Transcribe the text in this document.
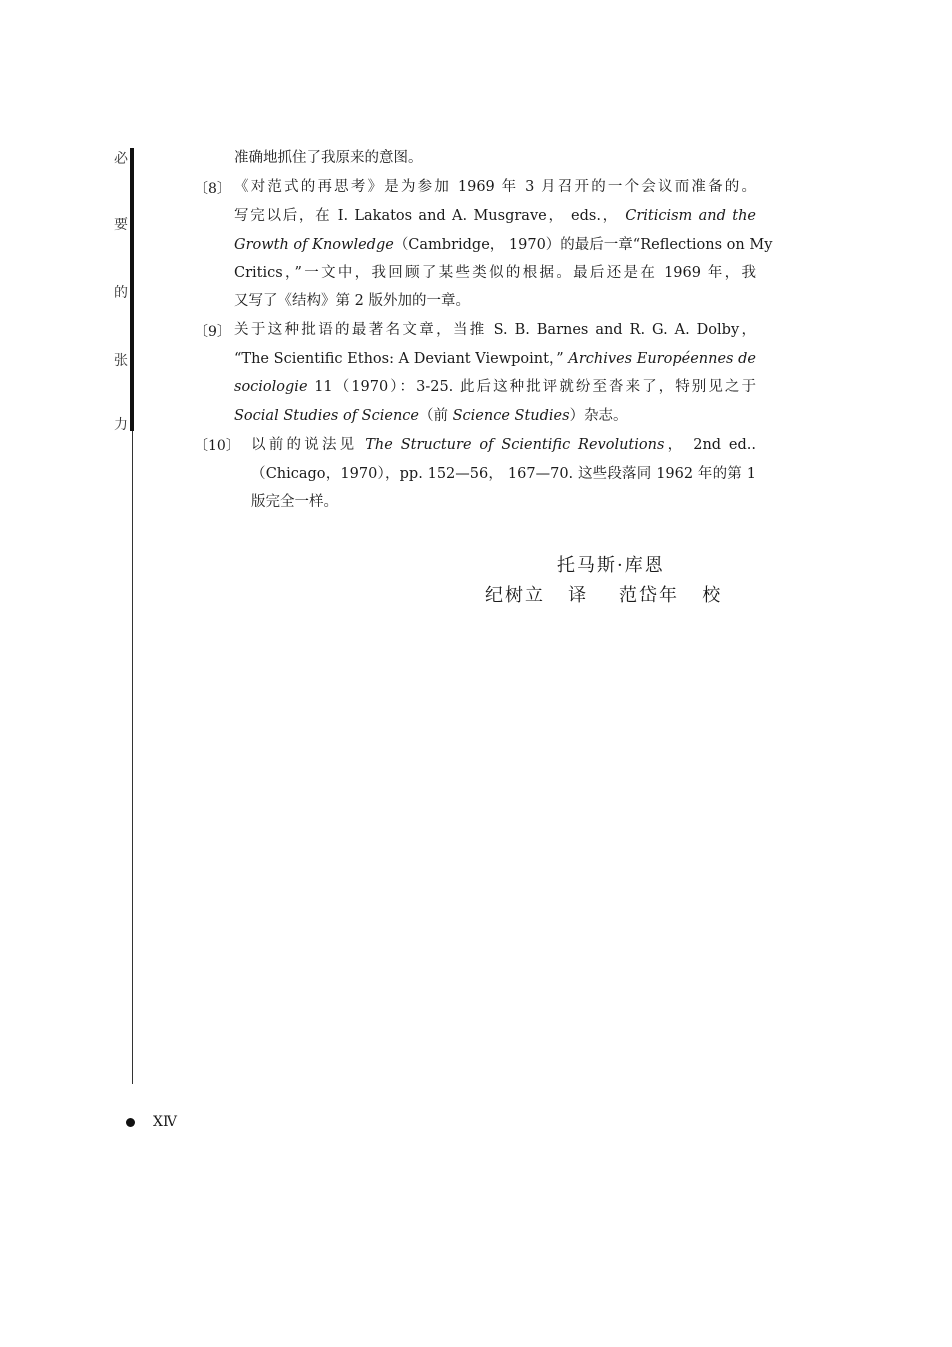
必
要
的
张
力
〔8〕
〔9〕
〔10〕
准确地抓住了我原来的意图。
《对范式的再思考》是为参加 1969 年 3 月召开的一个会议而准备的。
写完以后，在 I. Lakatos and A. Musgrave， eds.， Criticism and the
Growth of Knowledge（Cambridge， 1970）的最后一章“Reflections on My
Critics，”一文中，我回顾了某些类似的根据。最后还是在 1969 年，我
又写了《结构》第 2 版外加的一章。
关于这种批语的最著名文章，当推 S. B. Barnes and R. G. A. Dolby，
“The Scientific Ethos: A Deviant Viewpoint，” Archives Européennes de
sociologie 11（1970）：3-25. 此后这种批评就纷至沓来了，特别见之于
Social Studies of Science（前 Science Studies）杂志。
以前的说法见 The Structure of Scientific Revolutions， 2nd ed..
（Chicago，1970），pp. 152—56， 167—70. 这些段落同 1962 年的第 1
版完全一样。
托马斯·库恩
纪树立   译    范岱年   校
ⅩⅣ
